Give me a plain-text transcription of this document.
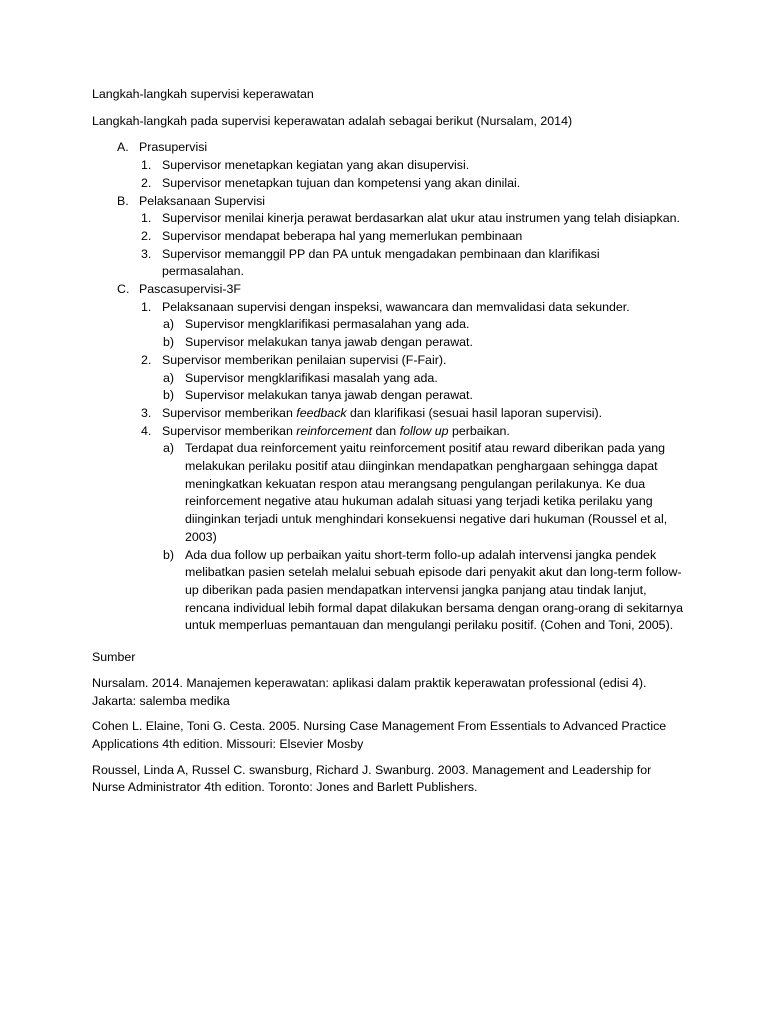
Langkah-langkah supervisi keperawatan

Langkah-langkah pada supervisi keperawatan adalah sebagai berikut (Nursalam, 2014)

A. Prasupervisi
1. Supervisor menetapkan kegiatan yang akan disupervisi.
2. Supervisor menetapkan tujuan dan kompetensi yang akan dinilai.
B. Pelaksanaan Supervisi
1. Supervisor menilai kinerja perawat berdasarkan alat ukur atau instrumen yang telah disiapkan.
2. Supervisor mendapat beberapa hal yang memerlukan pembinaan
3. Supervisor memanggil PP dan PA untuk mengadakan pembinaan dan klarifikasi permasalahan.
C. Pascasupervisi-3F
1. Pelaksanaan supervisi dengan inspeksi, wawancara dan memvalidasi data sekunder.
a) Supervisor mengklarifikasi permasalahan yang ada.
b) Supervisor melakukan tanya jawab dengan perawat.
2. Supervisor memberikan penilaian supervisi (F-Fair).
a) Supervisor mengklarifikasi masalah yang ada.
b) Supervisor melakukan tanya jawab dengan perawat.
3. Supervisor memberikan feedback dan klarifikasi (sesuai hasil laporan supervisi).
4. Supervisor memberikan reinforcement dan follow up perbaikan.
a) Terdapat dua reinforcement yaitu reinforcement positif atau reward diberikan pada yang melakukan perilaku positif atau diinginkan mendapatkan penghargaan sehingga dapat meningkatkan kekuatan respon atau merangsang pengulangan perilakunya. Ke dua reinforcement negative atau hukuman adalah situasi yang terjadi ketika perilaku yang diinginkan terjadi untuk menghindari konsekuensi negative dari hukuman (Roussel et al, 2003)
b) Ada dua follow up perbaikan yaitu short-term follo-up adalah intervensi jangka pendek melibatkan pasien setelah melalui sebuah episode dari penyakit akut dan long-term follow-up diberikan pada pasien mendapatkan intervensi jangka panjang atau tindak lanjut, rencana individual lebih formal dapat dilakukan bersama dengan orang-orang di sekitarnya untuk memperluas pemantauan dan mengulangi perilaku positif. (Cohen and Toni, 2005).

Sumber

Nursalam. 2014. Manajemen keperawatan: aplikasi dalam praktik keperawatan professional (edisi 4). Jakarta: salemba medika

Cohen L. Elaine, Toni G. Cesta. 2005. Nursing Case Management From Essentials to Advanced Practice Applications 4th edition. Missouri: Elsevier Mosby

Roussel, Linda A, Russel C. swansburg, Richard J. Swanburg. 2003. Management and Leadership for Nurse Administrator 4th edition. Toronto: Jones and Barlett Publishers.
